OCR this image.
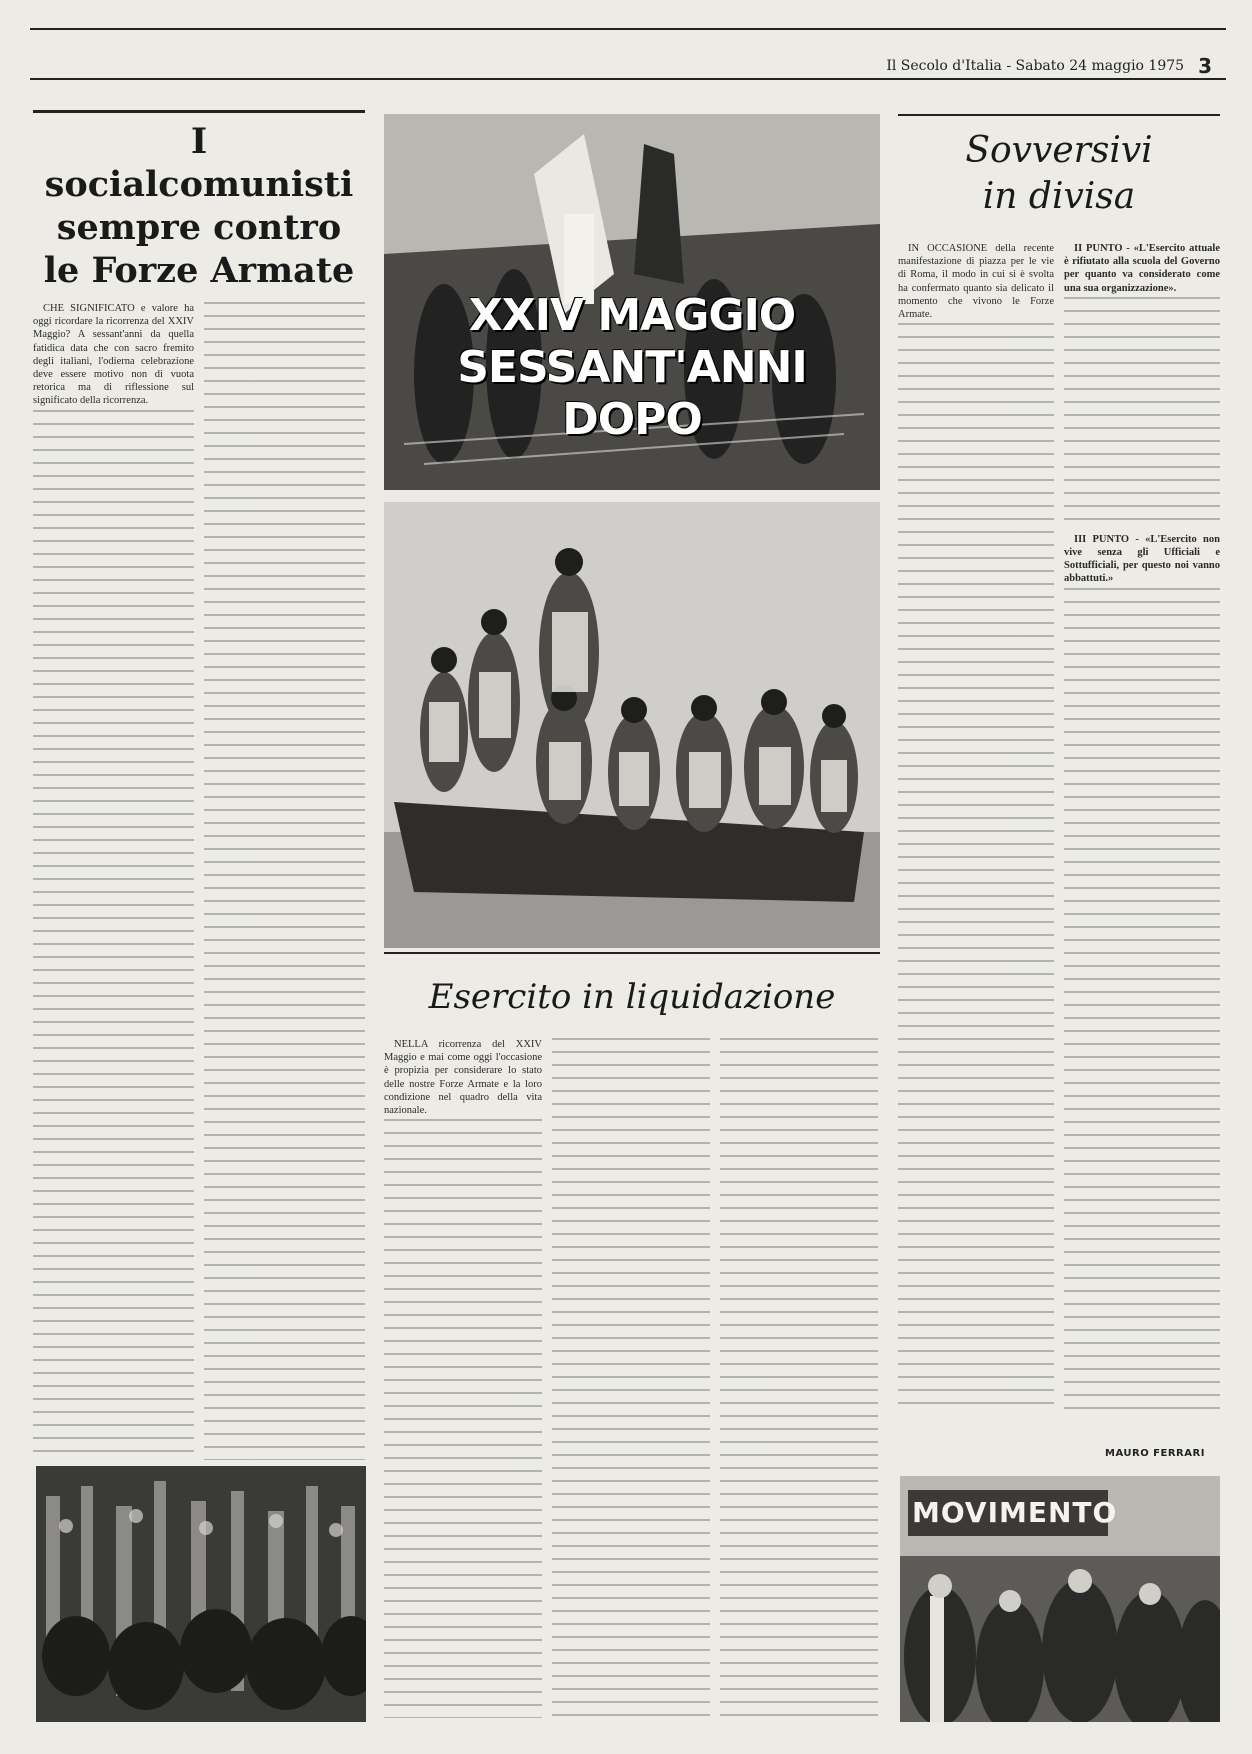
Il Secolo d'Italia - Sabato 24 maggio 1975 3
I socialcomunisti
sempre contro
le Forze Armate

CHE SIGNIFICATO e valore ha oggi ricordare la ricorrenza del XXIV Maggio? A sessant'anni da quella fatidica data che con sacro fremito degli italiani, l'odierna celebrazione deve essere motivo non di vuota retorica ma di riflessione sul significato della ricorrenza.

XXIV MAGGIO
SESSANT'ANNI DOPO
Esercito in liquidazione

NELLA ricorrenza del XXIV Maggio e mai come oggi l'occasione è propizia per considerare lo stato delle nostre Forze Armate e la loro condizione nel quadro della vita nazionale.

Sovversivi
in divisa

IN OCCASIONE della recente manifestazione di piazza per le vie di Roma, il modo in cui si è svolta ha confermato quanto sia delicato il momento che vivono le Forze Armate.

II PUNTO - «L'Esercito attuale è rifiutato alla scuola del Governo per quanto va considerato come una sua organizzazione».

III PUNTO - «L'Esercito non vive senza gli Ufficiali e Sottufficiali, per questo noi vanno abbattuti.»

MAURO FERRARI
MOVIMENTO
